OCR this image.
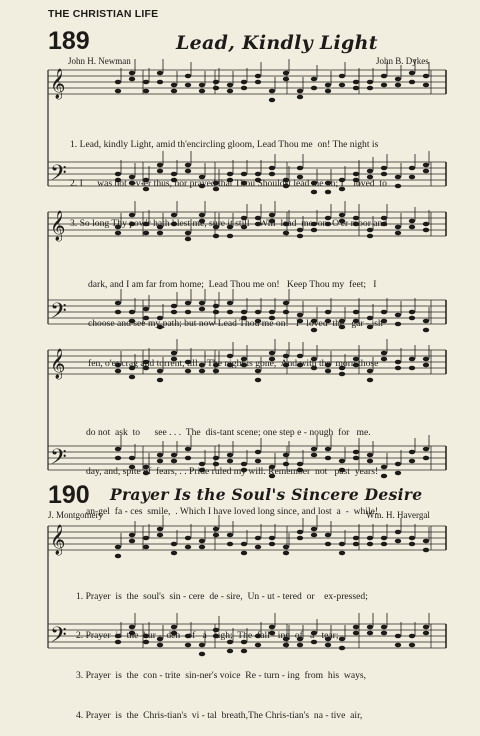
THE CHRISTIAN LIFE
189	Lead, Kindly Light
John H. Newman	John B. Dykes
𝄞
𝄢
𝄞
𝄢
𝄞
𝄢
𝄞
𝄢

1. Lead, kindly Light, amid th'encircling gloom, Lead Thou me  on! The night is

2. I      was not  ev-er thus, nor prayed that Thou Shouldst lead me on; I    loved  to

3. So long Thy pow'r hath blest me, sure it still    Will  lead  me  on  O'er moor and

dark, and I am far from home;  Lead Thou me on!   Keep Thou my  feet;   I

choose and see my path; but now Lead Thou me on!   I   loved  the   gar - ish

fen, o'er crag and torrent, till    The night is gone,  And with the  morn those

do not  ask  to      see . . .  The  dis-tant scene; one step e - nough  for   me.

day, and, spite of  fears, . . Pride ruled my will. Remember  not   past  years!

an-gel  fa - ces  smile,  . Which I have loved long since, and lost  a  -  while!

190 Prayer Is the Soul's Sincere Desire
J. Montgomery	Wm. H. Havergal

1. Prayer  is  the  soul's  sin - cere  de - sire,  Un - ut - tered  or    ex-pressed;

2. Prayer  is  the  bur -  den   of   a   sigh;  The  fall - ing  of   a   tear;

3. Prayer  is  the  con - trite  sin-ner's voice  Re - turn - ing  from  his  ways,

4. Prayer  is  the  Chris-tian's  vi - tal  breath,The Chris-tian's  na - tive  air,
